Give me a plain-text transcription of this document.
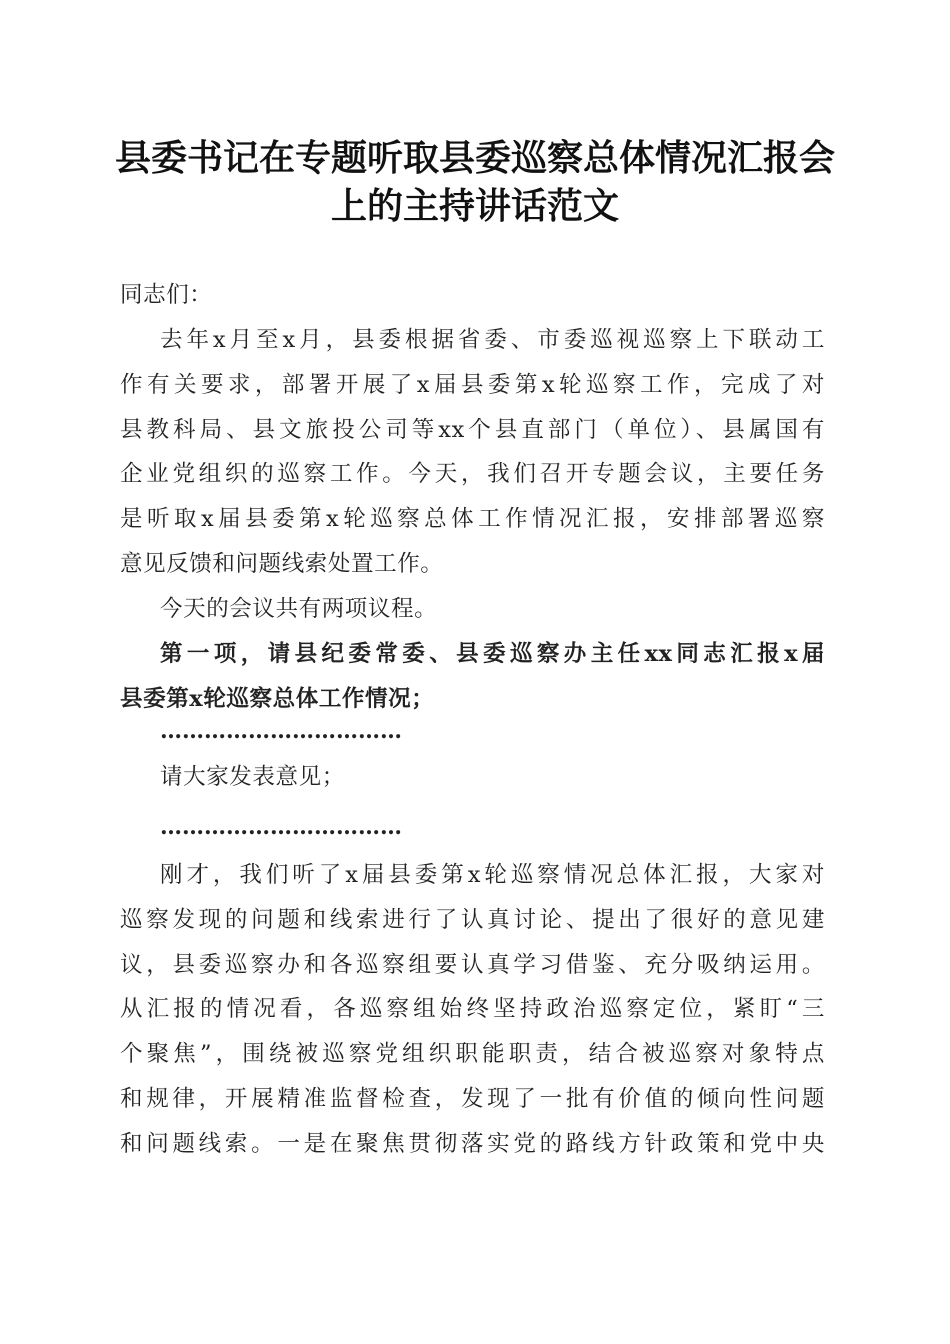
县委书记在专题听取县委巡察总体情况汇报会
上的主持讲话范文
同志们：
去年x月至x月，县委根据省委、市委巡视巡察上下联动工
作有关要求，部署开展了x届县委第x轮巡察工作，完成了对
县教科局、县文旅投公司等xx个县直部门（单位）、县属国有
企业党组织的巡察工作。今天，我们召开专题会议，主要任务
是听取x届县委第x轮巡察总体工作情况汇报，安排部署巡察
意见反馈和问题线索处置工作。
今天的会议共有两项议程。
第一项，请县纪委常委、县委巡察办主任xx同志汇报x届
县委第x轮巡察总体工作情况；
……………………………
请大家发表意见；
……………………………
刚才，我们听了x届县委第x轮巡察情况总体汇报，大家对
巡察发现的问题和线索进行了认真讨论、提出了很好的意见建
议，县委巡察办和各巡察组要认真学习借鉴、充分吸纳运用。
从汇报的情况看，各巡察组始终坚持政治巡察定位，紧盯“三
个聚焦”，围绕被巡察党组织职能职责，结合被巡察对象特点
和规律，开展精准监督检查，发现了一批有价值的倾向性问题
和问题线索。一是在聚焦贯彻落实党的路线方针政策和党中央
